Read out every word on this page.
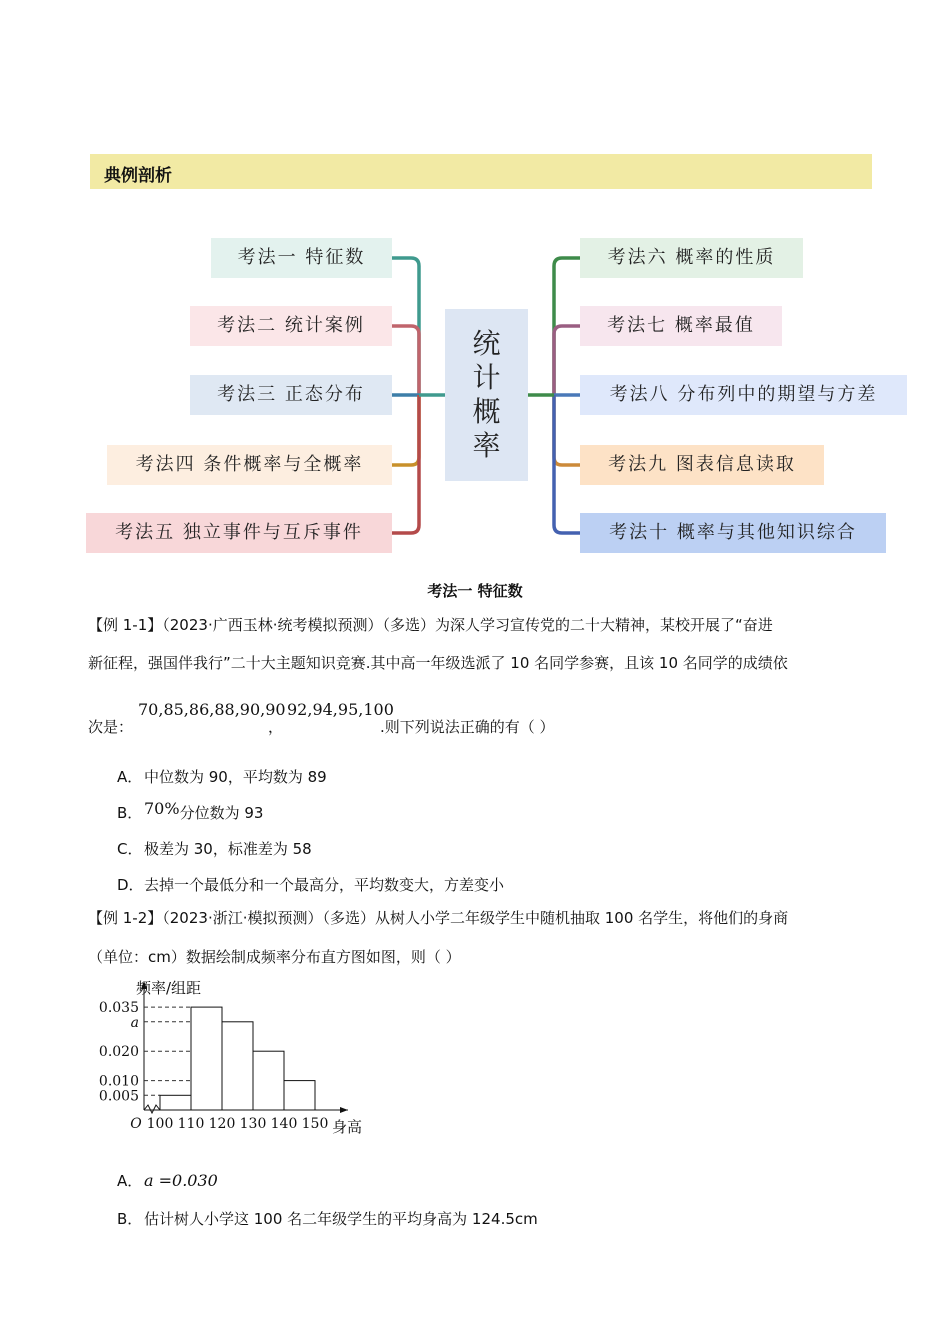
典例剖析
考法一 特征数
考法二 统计案例
考法三 正态分布
考法四 条件概率与全概率
考法五 独立事件与互斥事件
统
计
概
率
考法六 概率的性质
考法七 概率最值
考法八 分布列中的期望与方差
考法九 图表信息读取
考法十 概率与其他知识综合
考法一 特征数
【例 1-1】（2023·广西玉林·统考模拟预测）（多选）为深人学习宣传党的二十大精神，某校开展了“奋进
新征程，强国伴我行”二十大主题知识竞赛.其中高一年级选派了 10 名同学参赛，且该 10 名同学的成绩依
次是：
70,85,86,88,90,90
，
92,94,95,100
.则下列说法正确的有（ ）
A． 中位数为 90，平均数为 89
B． 70%分位数为 93
C． 极差为 30，标准差为 58
D．去掉一个最低分和一个最高分，平均数变大，方差变小
【例 1-2】（2023·浙江·模拟预测）（多选）从树人小学二年级学生中随机抽取 100 名学生，将他们的身商
（单位：cm）数据绘制成频率分布直方图如图，则（ ）
0.035
a
0.020
0.010
0.005
100 110 120 130 140 150
O
频率/组距
身高
A． a =0.030
B． 估计树人小学这 100 名二年级学生的平均身高为 124.5cm
